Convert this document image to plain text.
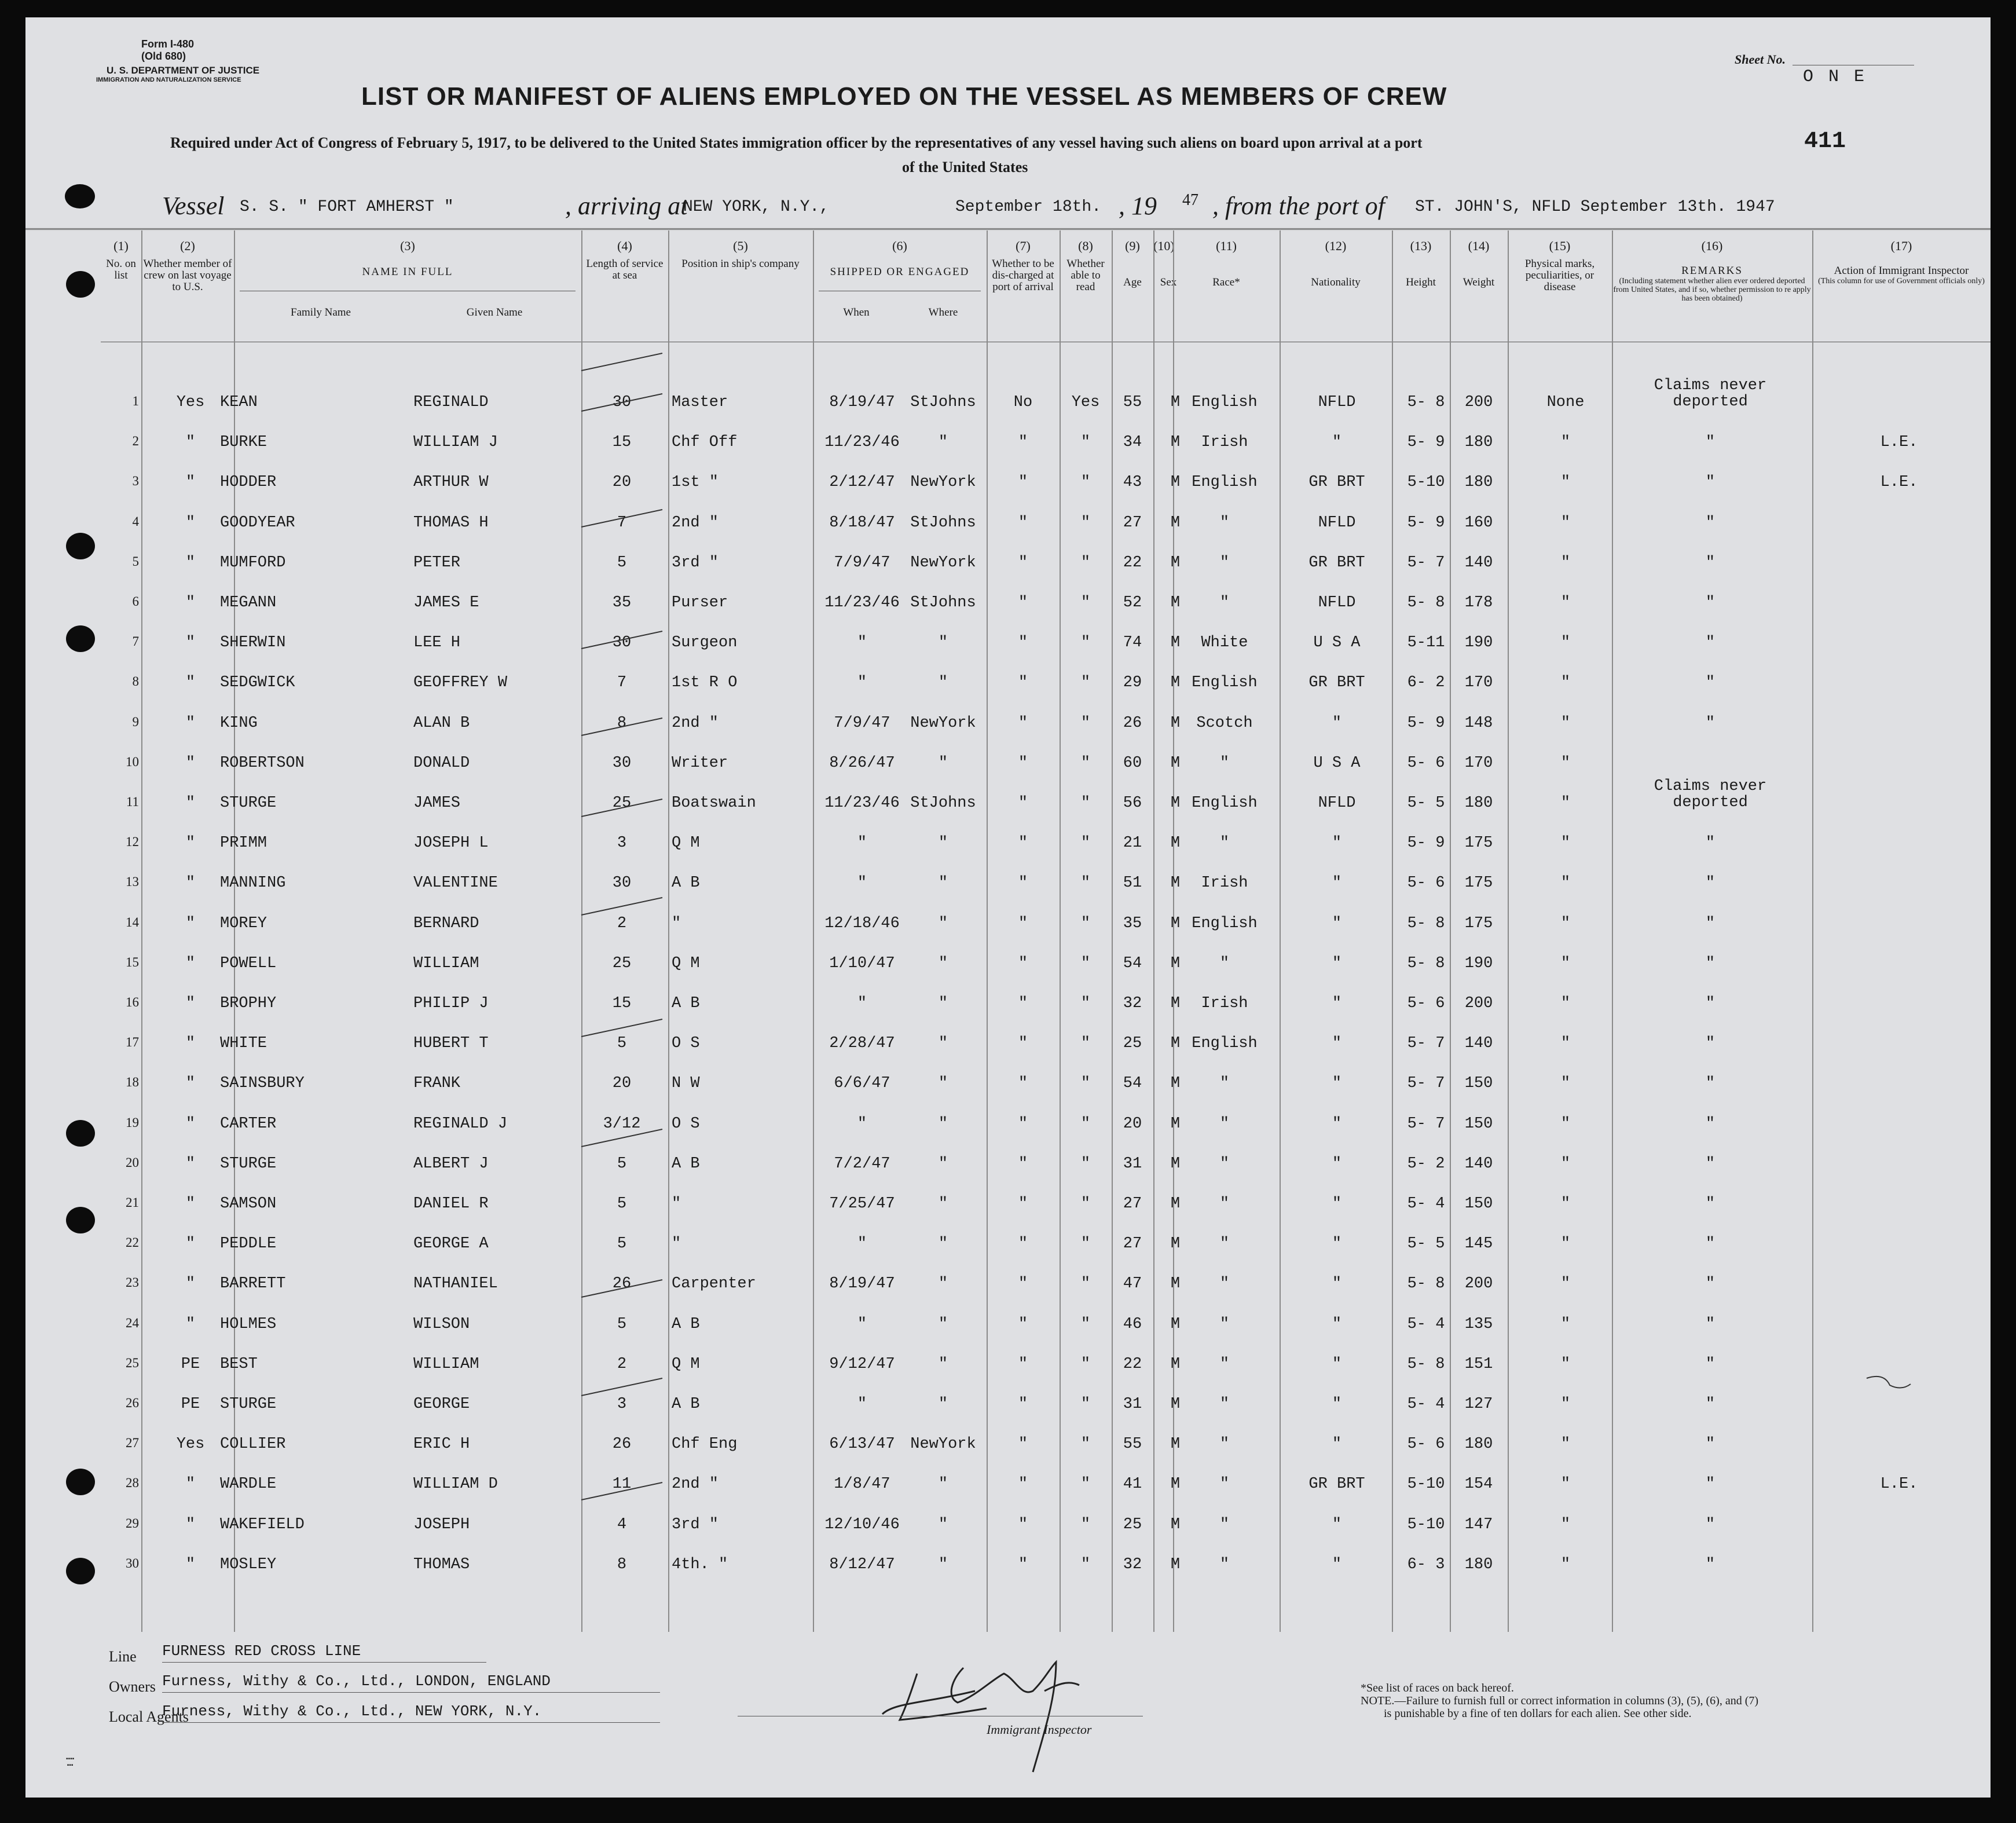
Form I-480
(Old 680)
U. S. DEPARTMENT OF JUSTICE
IMMIGRATION AND NATURALIZATION SERVICE
Sheet No.
O N E
LIST OR MANIFEST OF ALIENS EMPLOYED ON THE VESSEL AS MEMBERS OF CREW
Required under Act of Congress of February 5, 1917, to be delivered to the United States immigration officer by the representatives of any vessel having such aliens on board upon arrival at a port
of the United States
411
Vessel S. S. " FORT AMHERST "	, arriving at
NEW YORK, N.Y.,	September 18th. , 19 47 , from the port of ST. JOHN'S, NFLD September 13th. 1947
(1)
No. on list
(2)
Whether member of crew on last voyage to U.S.
(3)
NAME IN FULL
Family Name	Given Name
(4)
Length of service at sea
(5)
Position in ship's company
(6)
SHIPPED OR ENGAGED
When	Where
(7)
Whether to be dis-charged at port of arrival
(8)
Whether able to read
(9)
Age
(10)
Sex
(11)
Race*
(12)
Nationality
(13)
Height
(14)
Weight
(15)
Physical marks, peculiarities, or disease
(16)
REMARKS
(Including statement whether alien ever ordered deported from United States, and if so, whether permission to re apply has been obtained)
(17)
Action of Immigrant Inspector
(This column for use of Government officials only)
1	Yes KEAN	REGINALD	30	Master	8/19/47 StJohns	No	Yes	55	M English	NFLD	5- 8	200	None
Claims never deported
2	"	BURKE	WILLIAM J	15	Chf Off	11/23/46	"	"	"	34	M	Irish	"	5- 9	180	"	"	L.E.
3	"	HODDER	ARTHUR W	20	1st "	2/12/47 NewYork	"	"	43	M English	GR BRT	5-10	180	"	"	L.E.
4	"	GOODYEAR	THOMAS H	7	2nd "	8/18/47 StJohns	"	"	27	M	"	NFLD	5- 9	160	"	"
5	"	MUMFORD	PETER	5	3rd "	7/9/47	NewYork	"	"	22	M	"	GR BRT	5- 7	140	"	"
6	"	MEGANN	JAMES E	35	Purser	11/23/46 StJohns	"	"	52	M	"	NFLD	5- 8	178	"	"
7	"	SHERWIN	LEE H	30	Surgeon	"	"	"	"	74	M	White	U S A	5-11	190	"	"
8	"	SEDGWICK	GEOFFREY W	7	1st R O	"	"	"	"	29	M English	GR BRT	6- 2	170	"	"
9	"	KING	ALAN B	8	2nd "	7/9/47	NewYork	"	"	26	M	Scotch	"	5- 9	148	"	"
10	"	ROBERTSON	DONALD	30	Writer	8/26/47	"	"	"	60	M	"	U S A	5- 6	170	"
11	"	STURGE	JAMES	25	Boatswain	11/23/46 StJohns	"	"	56	M English	NFLD	5- 5	180	"
Claims never deported
12	"	PRIMM	JOSEPH L	3	Q M	"	"	"	"	21	M	"	"	5- 9	175	"	"
13	"	MANNING	VALENTINE	30	A B	"	"	"	"	51	M	Irish	"	5- 6	175	"	"
14	"	MOREY	BERNARD	2	"	12/18/46	"	"	"	35	M English	"	5- 8	175	"	"
15	"	POWELL	WILLIAM	25	Q M	1/10/47	"	"	"	54	M	"	"	5- 8	190	"	"
16	"	BROPHY	PHILIP J	15	A B	"	"	"	"	32	M	Irish	"	5- 6	200	"	"
17	"	WHITE	HUBERT T	5	O S	2/28/47	"	"	"	25	M English	"	5- 7	140	"	"
18	"	SAINSBURY	FRANK	20	N W	6/6/47	"	"	"	54	M	"	"	5- 7	150	"	"
19	"	CARTER	REGINALD J	3/12	O S	"	"	"	"	20	M	"	"	5- 7	150	"	"
20	"	STURGE	ALBERT J	5	A B	7/2/47	"	"	"	31	M	"	"	5- 2	140	"	"
21	"	SAMSON	DANIEL R	5	"	7/25/47	"	"	"	27	M	"	"	5- 4	150	"	"
22	"	PEDDLE	GEORGE A	5	"	"	"	"	"	27	M	"	"	5- 5	145	"	"
23	"	BARRETT	NATHANIEL	26	Carpenter	8/19/47	"	"	"	47	M	"	"	5- 8	200	"	"
24	"	HOLMES	WILSON	5	A B	"	"	"	"	46	M	"	"	5- 4	135	"	"
25	PE	BEST	WILLIAM	2	Q M	9/12/47	"	"	"	22	M	"	"	5- 8	151	"	"
26	PE	STURGE	GEORGE	3	A B	"	"	"	"	31	M	"	"	5- 4	127	"	"
27	Yes COLLIER	ERIC H	26	Chf Eng	6/13/47 NewYork	"	"	55	M	"	"	5- 6	180	"	"
28	"	WARDLE	WILLIAM D	11	2nd "	1/8/47	"	"	"	41	M	"	GR BRT	5-10	154	"	"	L.E.
29	"	WAKEFIELD	JOSEPH	4	3rd "	12/10/46	"	"	"	25	M	"	"	5-10	147	"	"
30	"	MOSLEY	THOMAS	8	4th. "	8/12/47	"	"	"	32	M	"	"	6- 3	180	"	"
Line FURNESS RED CROSS LINE
Owners Furness, Withy & Co., Ltd., LONDON, ENGLAND
Local Agents
Furness, Withy & Co., Ltd., NEW YORK, N.Y.
Immigrant Inspector
*See list of races on back hereof.
NOTE.—Failure to furnish full or correct information in columns (3), (5), (6), and (7)
is punishable by a fine of ten dollars for each alien. See other side.
▪▪▪▪
▪▪▪
